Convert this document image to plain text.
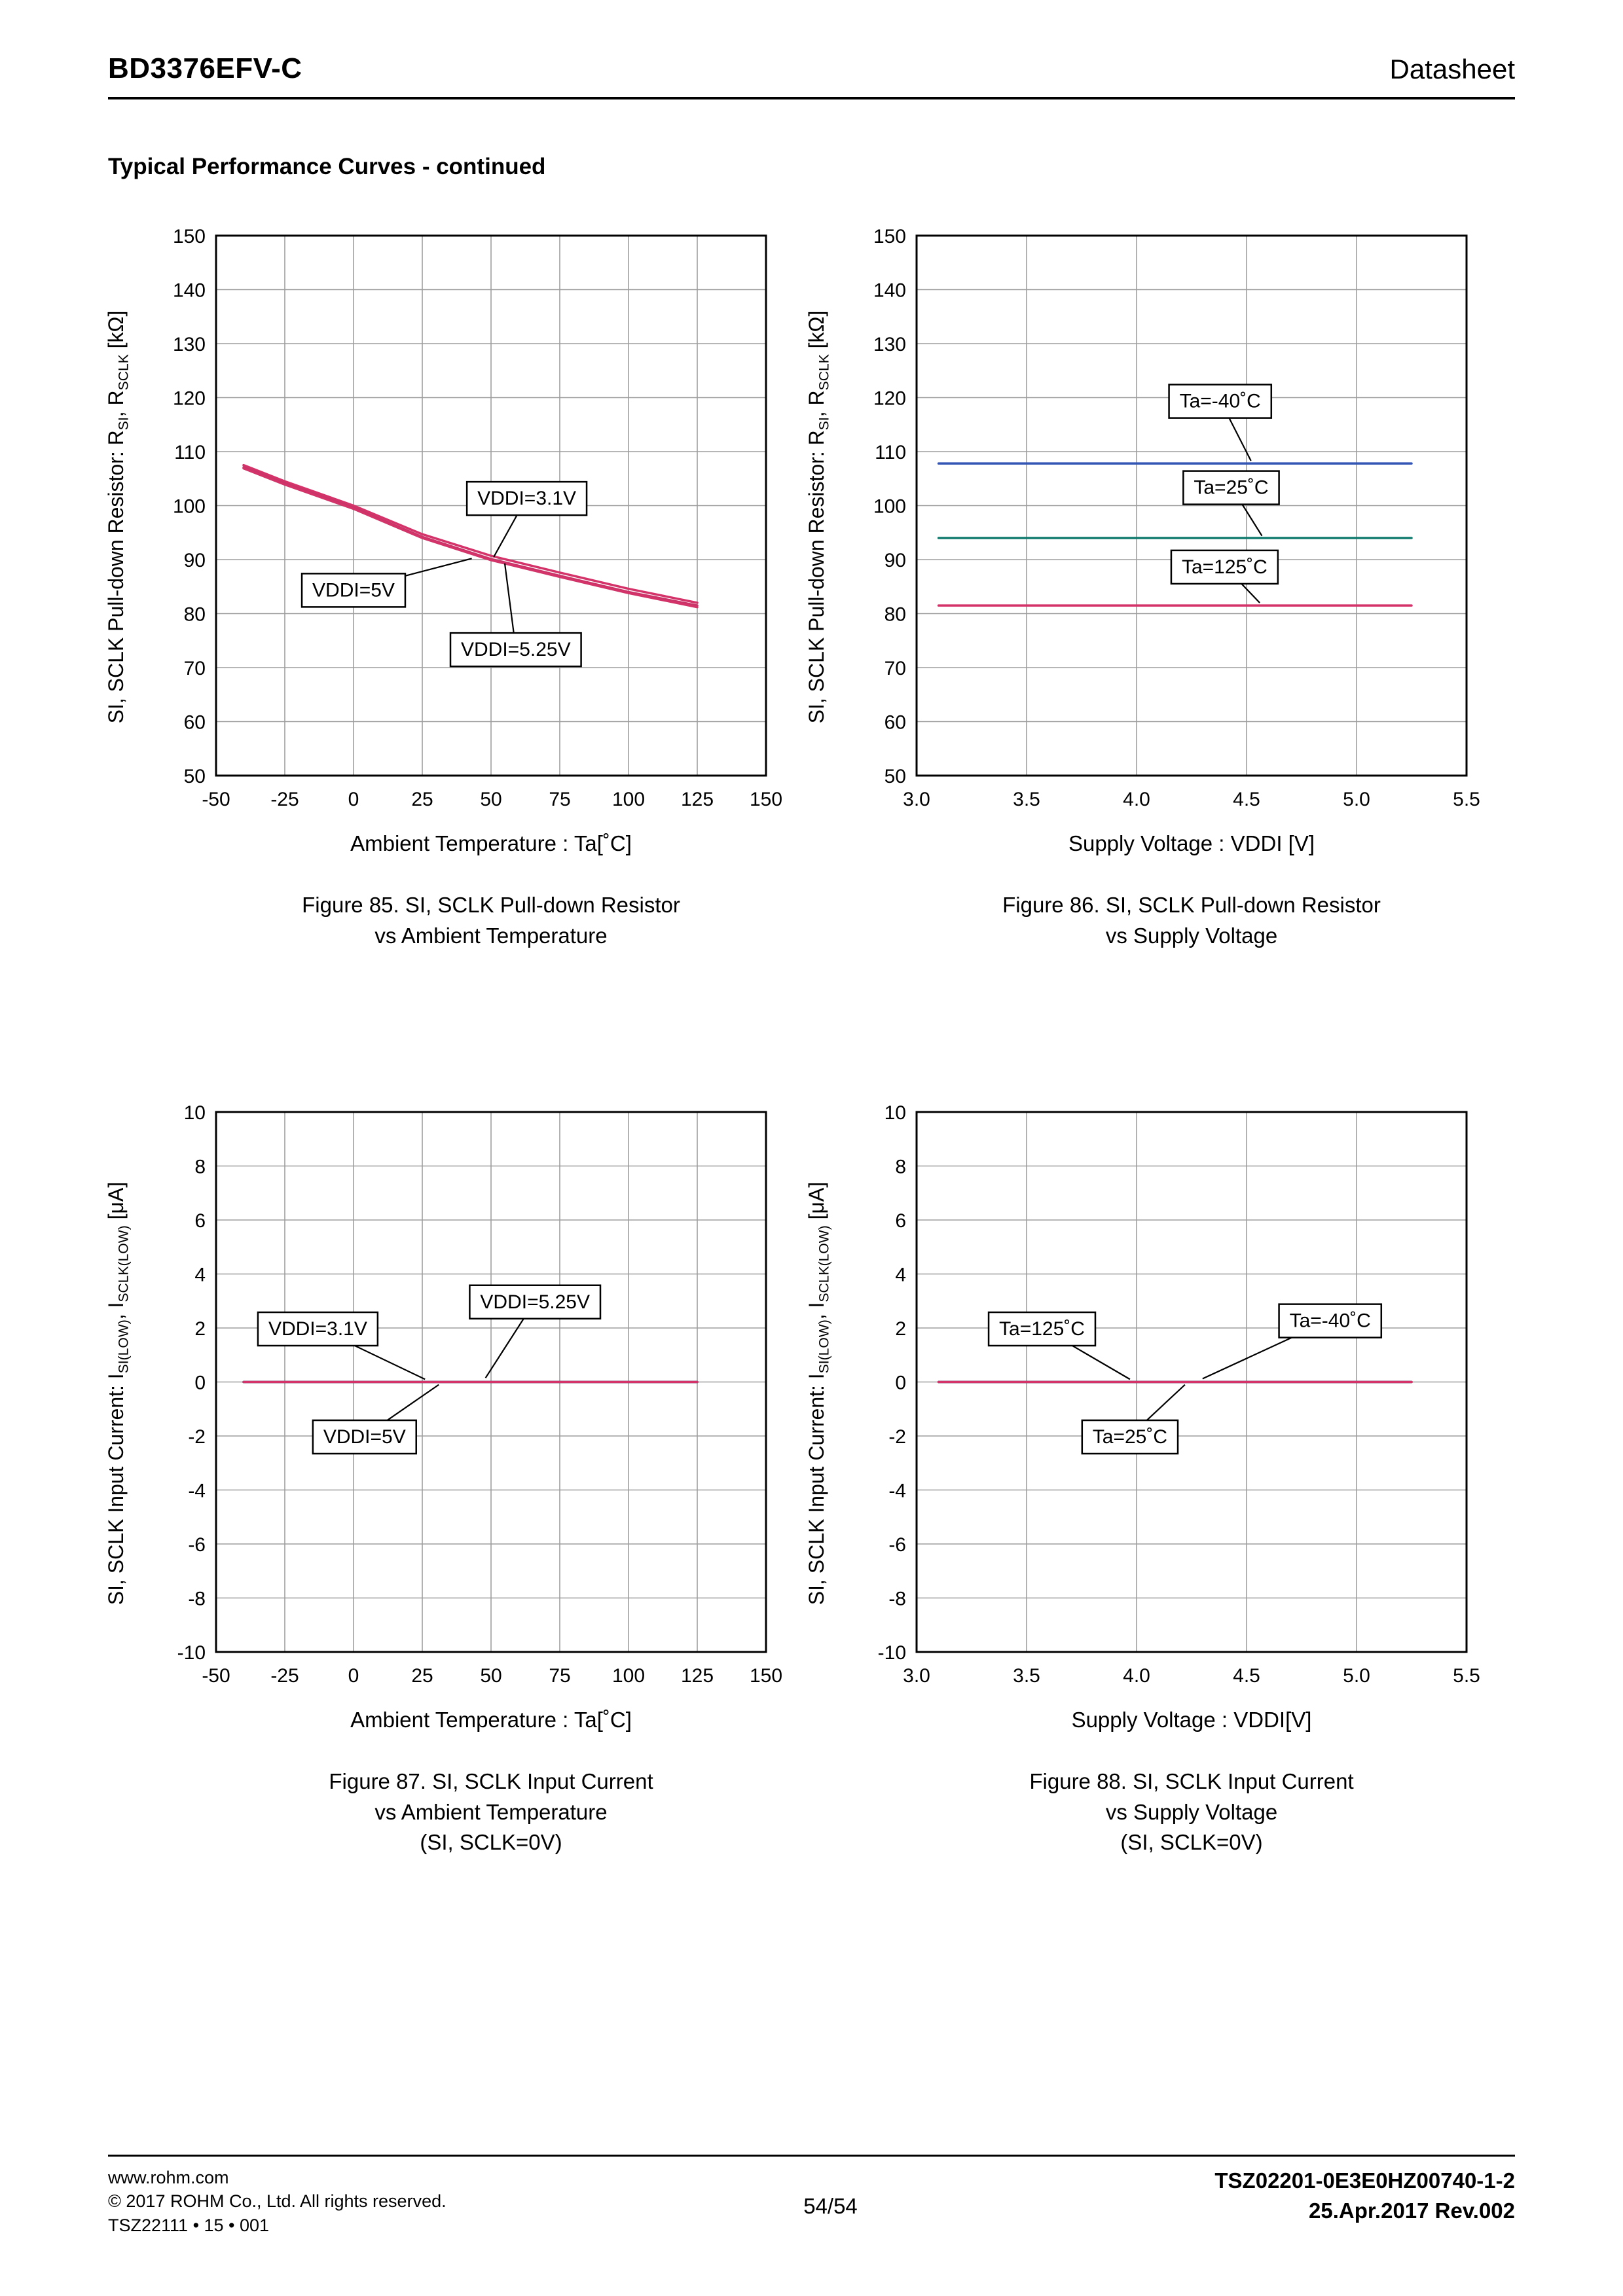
BD3376EFV-C	Datasheet
Typical Performance Curves - continued
SI, SCLK Pull-down Resistor: $R_{SI}$, $R_{SCLK}$ [kΩ]
-50 -25 0	25 50 75 100 125 150
50
60
70
80
90
100
110
120
130
140
150
VDDI=3.1V
VDDI=5V
VDDI=5.25V
Ambient Temperature : Ta[˚C]
Figure 85. SI, SCLK Pull-down Resistor
vs Ambient Temperature
SI, SCLK Pull-down Resistor: $R_{SI}$, $R_{SCLK}$ [kΩ]
3.0	3.5	4.0	4.5	5.0	5.5
50
60
70
80
90
100
110
120
130
140
150
Ta=-40˚C
Ta=25˚C
Ta=125˚C
Supply Voltage : VDDI [V]
Figure 86. SI, SCLK Pull-down Resistor
vs Supply Voltage
SI, SCLK Input Current: $I_{SI(LOW)}$, $I_{SCLK(LOW)}$ [μA]
-50 -25 0	25 50 75 100 125 150
-10
-8
-6
-4
-2
0
2
4
6
8
10
VDDI=3.1V
VDDI=5.25V
VDDI=5V
Ambient Temperature : Ta[˚C]
Figure 87. SI, SCLK Input Current
vs Ambient Temperature
(SI, SCLK=0V)
SI, SCLK Input Current: $I_{SI(LOW)}$, $I_{SCLK(LOW)}$ [μA]
3.0	3.5	4.0	4.5	5.0	5.5
-10
-8
-6
-4
-2
0
2
4
6
8
10
Ta=125˚C	Ta=-40˚C
Ta=25˚C
Supply Voltage : VDDI[V]
Figure 88. SI, SCLK Input Current
vs Supply Voltage
(SI, SCLK=0V)
www.rohm.com
© 2017 ROHM Co., Ltd. All rights reserved.
TSZ22111 • 15 • 001
54/54
TSZ02201-0E3E0HZ00740-1-2
25.Apr.2017 Rev.002
